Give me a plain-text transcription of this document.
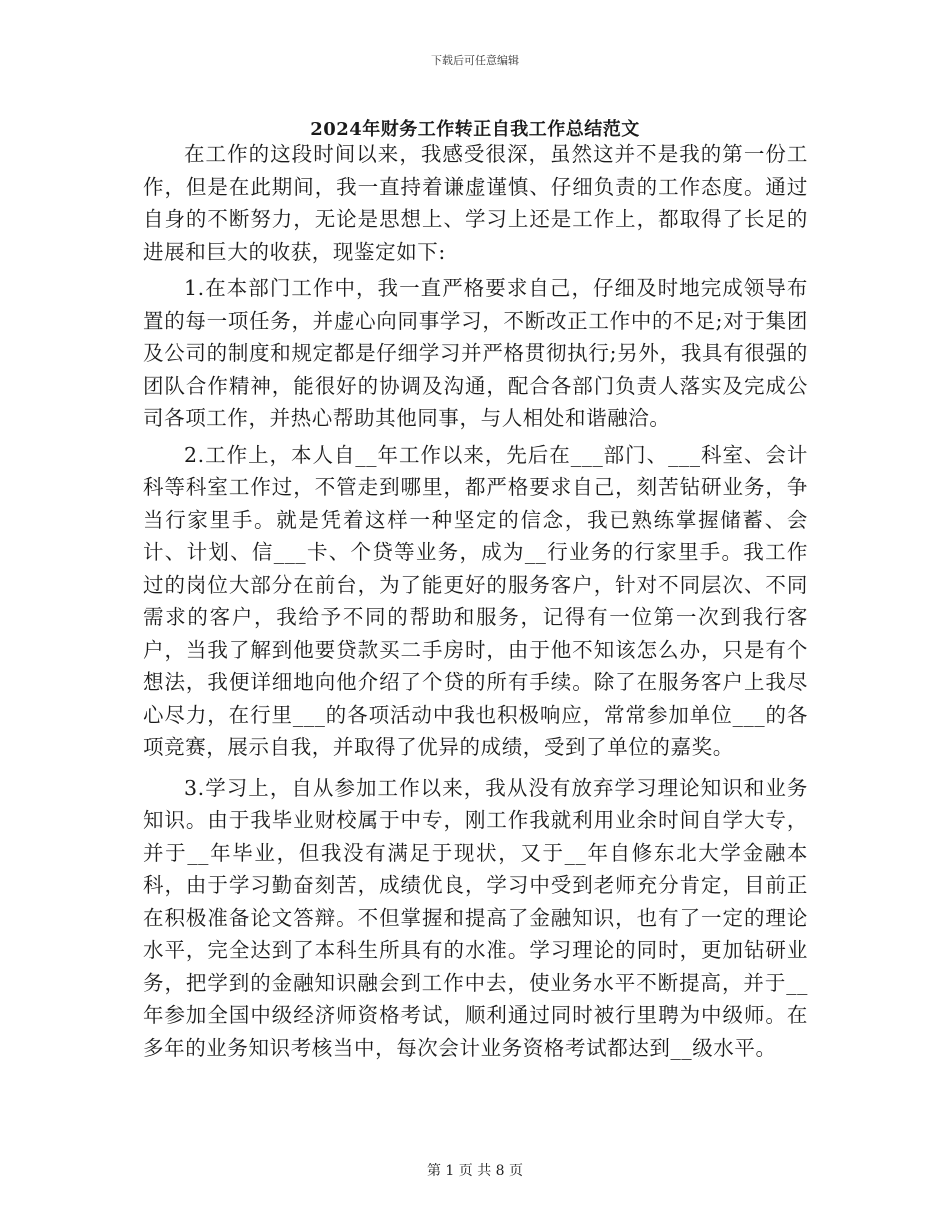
下载后可任意编辑
2024年财务工作转正自我工作总结范文

在工作的这段时间以来，我感受很深，虽然这并不是我的第一份工作，但是在此期间，我一直持着谦虚谨慎、仔细负责的工作态度。通过自身的不断努力，无论是思想上、学习上还是工作上，都取得了长足的进展和巨大的收获，现鉴定如下:

1.在本部门工作中，我一直严格要求自己，仔细及时地完成领导布置的每一项任务，并虚心向同事学习，不断改正工作中的不足;对于集团及公司的制度和规定都是仔细学习并严格贯彻执行;另外，我具有很强的团队合作精神，能很好的协调及沟通，配合各部门负责人落实及完成公司各项工作，并热心帮助其他同事，与人相处和谐融洽。

2.工作上，本人自__年工作以来，先后在___部门、___科室、会计科等科室工作过，不管走到哪里，都严格要求自己，刻苦钻研业务，争当行家里手。就是凭着这样一种坚定的信念，我已熟练掌握储蓄、会计、计划、信___卡、个贷等业务，成为__行业务的行家里手。我工作过的岗位大部分在前台，为了能更好的服务客户，针对不同层次、不同需求的客户，我给予不同的帮助和服务，记得有一位第一次到我行客户，当我了解到他要贷款买二手房时，由于他不知该怎么办，只是有个想法，我便详细地向他介绍了个贷的所有手续。除了在服务客户上我尽心尽力，在行里___的各项活动中我也积极响应，常常参加单位___的各项竞赛，展示自我，并取得了优异的成绩，受到了单位的嘉奖。

3.学习上，自从参加工作以来，我从没有放弃学习理论知识和业务知识。由于我毕业财校属于中专，刚工作我就利用业余时间自学大专，并于__年毕业，但我没有满足于现状，又于__年自修东北大学金融本科，由于学习勤奋刻苦，成绩优良，学习中受到老师充分肯定，目前正在积极准备论文答辩。不但掌握和提高了金融知识，也有了一定的理论水平，完全达到了本科生所具有的水准。学习理论的同时，更加钻研业务，把学到的金融知识融会到工作中去，使业务水平不断提高，并于__年参加全国中级经济师资格考试，顺利通过同时被行里聘为中级师。在多年的业务知识考核当中，每次会计业务资格考试都达到__级水平。

第 1 页 共 8 页
